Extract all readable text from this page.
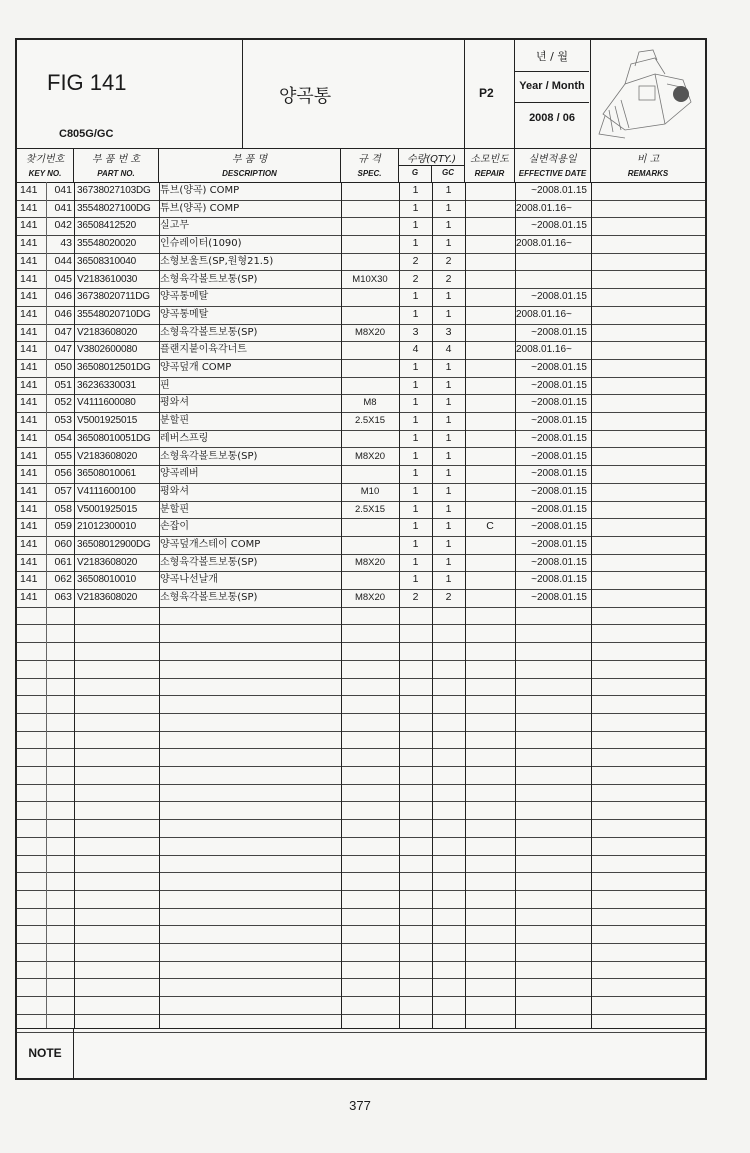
FIG 141
C805G/GC
양곡통	P2
년 / 월
Year / Month
2008 / 06
찾기번호
KEY NO.
부 품 번 호
PART NO.
부 품 명
DESCRIPTION
규 격
SPEC.
수량(QTY.)
G	GC
소모빈도
REPAIR
실변적용일
EFFECTIVE DATE
비 고
REMARKS
141	041 36738027103DG 튜브(양곡) COMP	1	1	~2008.01.15
141	041 35548027100DG 튜브(양곡) COMP	1	1	2008.01.16~
141	042 36508412520	실고무	1	1	~2008.01.15
141	43 35548020020	인슈레이터(1090)	1	1	2008.01.16~
141	044 36508310040	소형보울트(SP,원형21.5)	2	2
141	045 V2183610030	소형육각볼트보통(SP)	M10X30	2	2
141	046 36738020711DG	양곡통메탈	1	1	~2008.01.15
141	046 35548020710DG 양곡통메탈	1	1	2008.01.16~
141	047 V2183608020	소형육각볼트보통(SP)	M8X20	3	3	~2008.01.15
141	047 V3802600080	플랜지붙이육각너트	4	4	2008.01.16~
141	050 36508012501DG 양곡덮개 COMP	1	1	~2008.01.15
141	051 36236330031	핀	1	1	~2008.01.15
141	052 V4111600080	평와셔	M8	1	1	~2008.01.15
141	053 V5001925015	분할핀	2.5X15	1	1	~2008.01.15
141	054 36508010051DG 레버스프링	1	1	~2008.01.15
141	055 V2183608020	소형육각볼트보통(SP)	M8X20	1	1	~2008.01.15
141	056 36508010061	양곡레버	1	1	~2008.01.15
141	057 V4111600100	평와셔	M10	1	1	~2008.01.15
141	058 V5001925015	분할핀	2.5X15	1	1	~2008.01.15
141	059 21012300010	손잡이	1	1	C	~2008.01.15
141	060 36508012900DG 양곡덮개스테이 COMP	1	1	~2008.01.15
141	061 V2183608020	소형육각볼트보통(SP)	M8X20	1	1	~2008.01.15
141	062 36508010010	양곡나선날개	1	1	~2008.01.15
141	063 V2183608020	소형육각볼트보통(SP)	M8X20	2	2	~2008.01.15
NOTE
377
